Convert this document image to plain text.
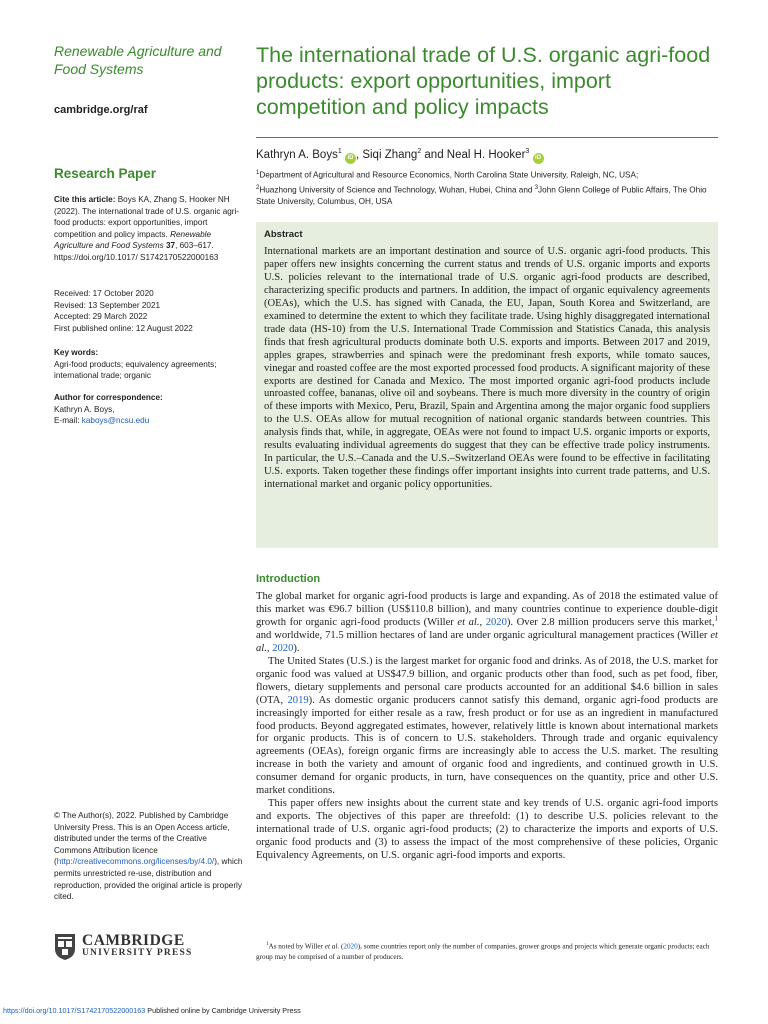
Renewable Agriculture and Food Systems
cambridge.org/raf
Research Paper
Cite this article: Boys KA, Zhang S, Hooker NH (2022). The international trade of U.S. organic agri-food products: export opportunities, import competition and policy impacts. Renewable Agriculture and Food Systems 37, 603–617. https://doi.org/10.1017/ S1742170522000163
Received: 17 October 2020
Revised: 13 September 2021
Accepted: 29 March 2022
First published online: 12 August 2022
Key words:
Agri-food products; equivalency agreements; international trade; organic
Author for correspondence:
Kathryn A. Boys,
E-mail: kaboys@ncsu.edu
© The Author(s), 2022. Published by Cambridge University Press. This is an Open Access article, distributed under the terms of the Creative Commons Attribution licence (http://creativecommons.org/licenses/by/4.0/), which permits unrestricted re-use, distribution and reproduction, provided the original article is properly cited.
CAMBRIDGE
UNIVERSITY PRESS
The international trade of U.S. organic agri-food products: export opportunities, import competition and policy impacts
Kathryn A. Boys$^1$ iD , Siqi Zhang$^2$ and Neal H. Hooker$^3$ iD
$^1$Department of Agricultural and Resource Economics, North Carolina State University, Raleigh, NC, USA;
$^2$Huazhong University of Science and Technology, Wuhan, Hubei, China and $^3$John Glenn College of Public Affairs, The Ohio State University, Columbus, OH, USA
Abstract
International markets are an important destination and source of U.S. organic agri-food products. This paper offers new insights concerning the current status and trends of U.S. organic imports and exports U.S. policies relevant to the international trade of U.S. organic agri-food products are described, characterizing specific products and partners. In addition, the impact of organic equivalency agreements (OEAs), which the U.S. has signed with Canada, the EU, Japan, South Korea and Switzerland, are examined to determine the extent to which they facilitate trade. Using highly disaggregated international trade data (HS-10) from the U.S. International Trade Commission and Statistics Canada, this analysis finds that fresh agricultural products dominate both U.S. exports and imports. Between 2017 and 2019, apples grapes, strawberries and spinach were the predominant fresh exports, while tomato sauces, vinegar and roasted coffee are the most exported processed food products. A significant majority of these exports are destined for Canada and Mexico. The most imported organic agri-food products include unroasted coffee, bananas, olive oil and soybeans. There is much more diversity in the country of origin of these imports with Mexico, Peru, Brazil, Spain and Argentina among the major organic food suppliers to the U.S. OEAs allow for mutual recognition of national organic standards between countries. This analysis finds that, while, in aggregate, OEAs were not found to impact U.S. organic imports or exports, results evaluating individual agreements do suggest that they can be effective trade policy instruments. In particular, the U.S.–Canada and the U.S.–Switzerland OEAs were found to be effective in facilitating U.S. exports. Taken together these findings offer important insights into current trade patterns, and U.S. international market and organic policy opportunities.
Introduction

The global market for organic agri-food products is large and expanding. As of 2018 the estimated value of this market was €96.7 billion (US$110.8 billion), and many countries continue to experience double-digit growth for organic agri-food products (Willer et al., 2020). Over 2.8 million producers serve this market,$^1$ and worldwide, 71.5 million hectares of land are under organic agricultural management practices (Willer et al., 2020).

The United States (U.S.) is the largest market for organic food and drinks. As of 2018, the U.S. market for organic food was valued at US$47.9 billion, and organic products other than food, such as pet food, fiber, flowers, dietary supplements and personal care products accounted for an additional $4.6 billion in sales (OTA, 2019). As domestic organic producers cannot satisfy this demand, organic agri-food products are increasingly imported for either resale as a raw, fresh product or for use as an ingredient in manufactured food products. Beyond aggregated estimates, however, relatively little is known about international markets for organic products. This is of concern to U.S. stakeholders. Through trade and organic equivalency agreements (OEAs), foreign organic firms are increasingly able to access the U.S. market. The resulting increase in both the variety and amount of organic food and ingredients, and continued growth in U.S. consumer demand for organic products, in turn, have consequences on the quantity, price and other U.S. market conditions.

This paper offers new insights about the current state and key trends of U.S. organic agri-food imports and exports. The objectives of this paper are threefold: (1) to describe U.S. policies relevant to the international trade of U.S. organic agri-food products; (2) to characterize the imports and exports of U.S. organic food products and (3) to assess the impact of the most comprehensive of these policies, Organic Equivalency Agreements, on U.S. organic agri-food imports and exports.

$^1$As noted by Willer et al. (2020), some countries report only the number of companies, grower groups and projects which generate organic products; each group may be comprised of a number of producers.
https://doi.org/10.1017/S1742170522000163 Published online by Cambridge University Press
